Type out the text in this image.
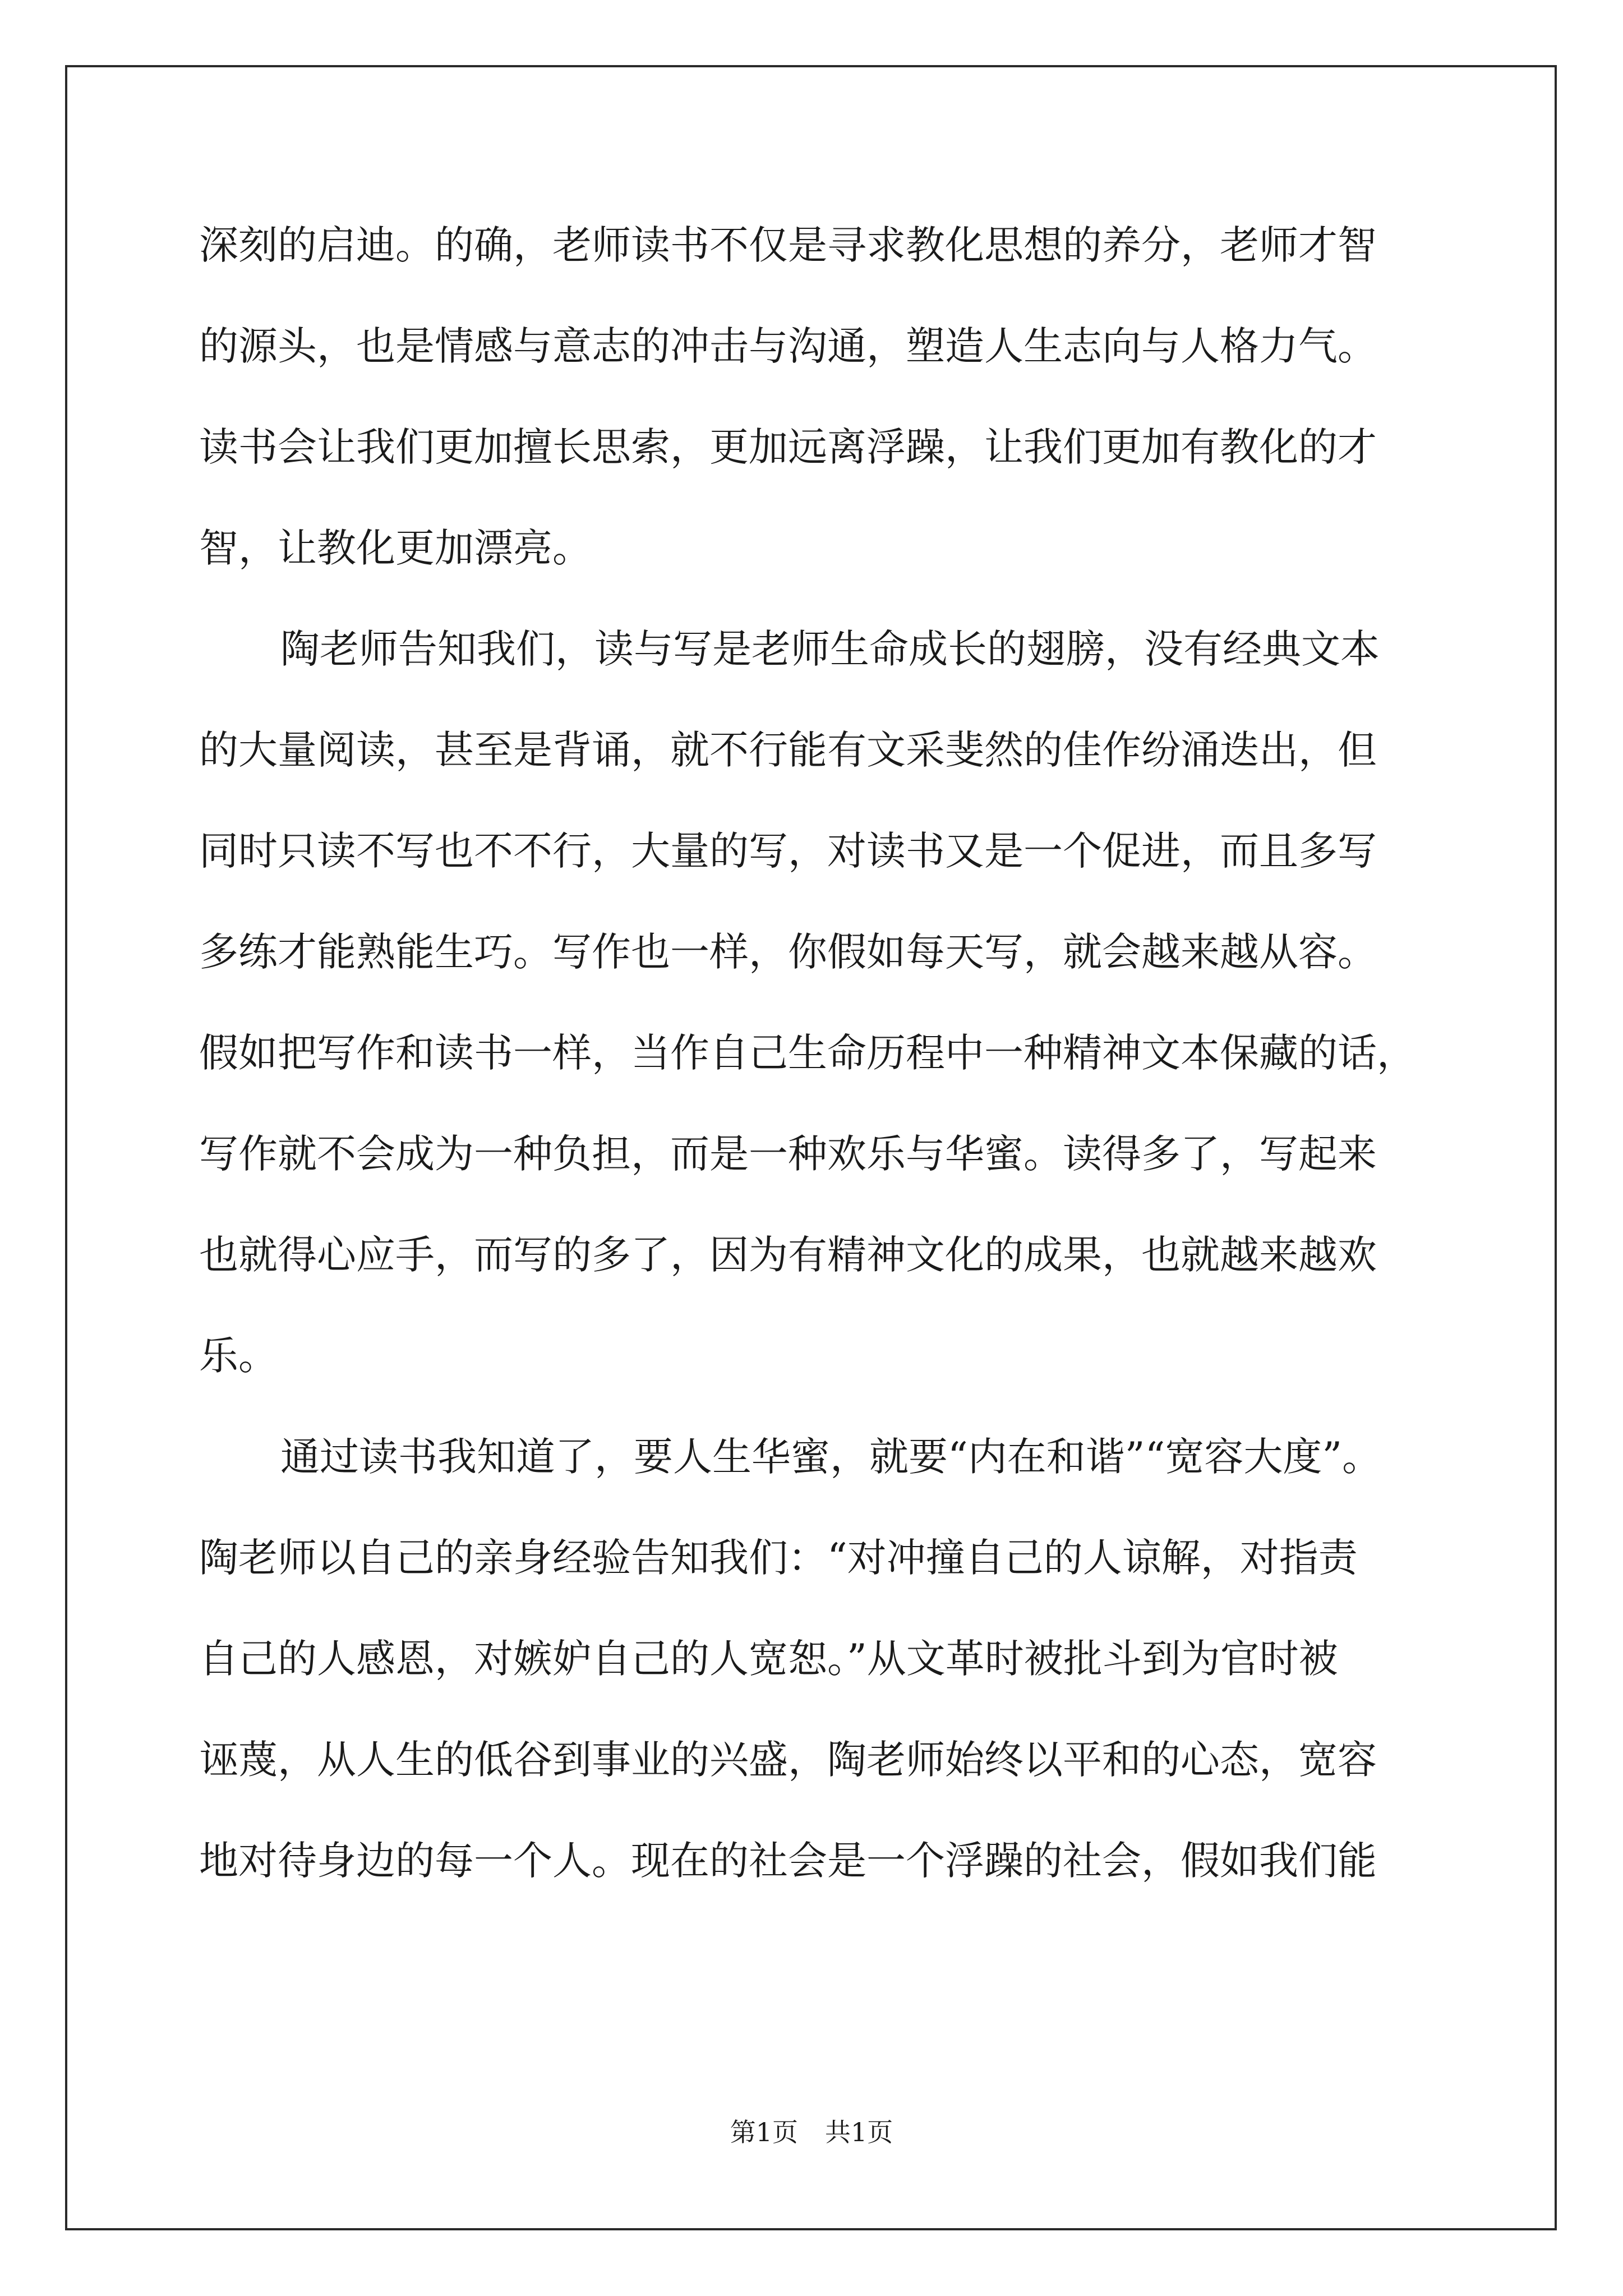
深刻的启迪。的确，老师读书不仅是寻求教化思想的养分，老师才智

的源头，也是情感与意志的冲击与沟通，塑造人生志向与人格力气。

读书会让我们更加擅长思索，更加远离浮躁，让我们更加有教化的才

智，让教化更加漂亮。

陶老师告知我们，读与写是老师生命成长的翅膀，没有经典文本

的大量阅读，甚至是背诵，就不行能有文采斐然的佳作纷涌迭出，但

同时只读不写也不不行，大量的写，对读书又是一个促进，而且多写

多练才能熟能生巧。写作也一样，你假如每天写，就会越来越从容。

假如把写作和读书一样，当作自己生命历程中一种精神文本保藏的话，

写作就不会成为一种负担，而是一种欢乐与华蜜。读得多了，写起来

也就得心应手，而写的多了，因为有精神文化的成果，也就越来越欢

乐。

通过读书我知道了，要人生华蜜，就要“内在和谐”“宽容大度”。

陶老师以自己的亲身经验告知我们：“对冲撞自己的人谅解，对指责

自己的人感恩，对嫉妒自己的人宽恕。”从文革时被批斗到为官时被

诬蔑，从人生的低谷到事业的兴盛，陶老师始终以平和的心态，宽容

地对待身边的每一个人。现在的社会是一个浮躁的社会，假如我们能

第1页 共1页
